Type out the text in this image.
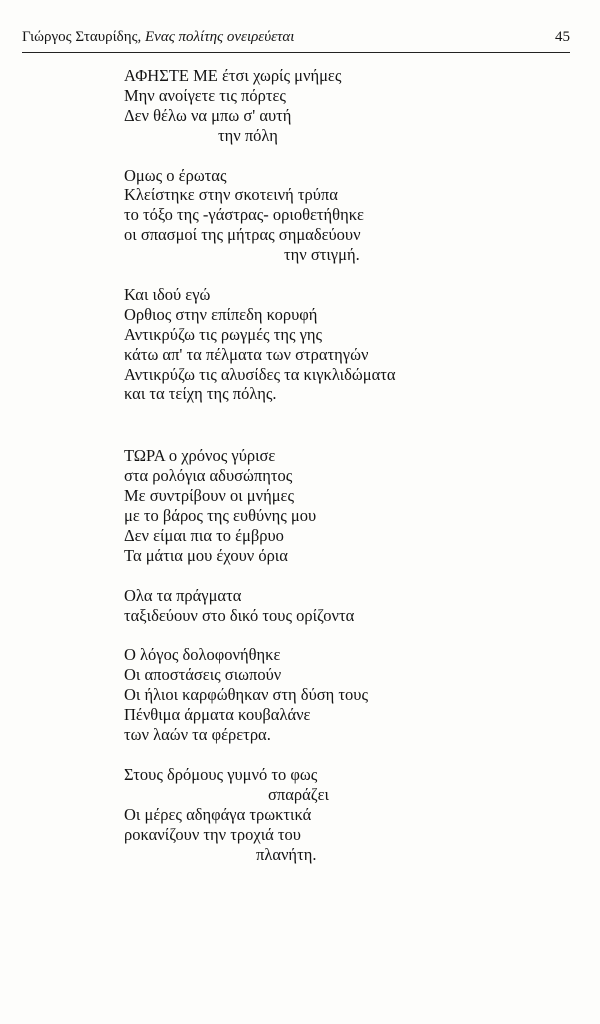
Γιώργος Σταυρίδης, Ενας πολίτης ονειρεύεται	45
ΑΦΗΣΤΕ ΜΕ έτσι χωρίς μνήμες
Μην ανοίγετε τις πόρτες
Δεν θέλω να μπω σ' αυτή
την πόλη
Ομως ο έρωτας
Κλείστηκε στην σκοτεινή τρύπα
το τόξο της -γάστρας- οριοθετήθηκε
οι σπασμοί της μήτρας σημαδεύουν
την στιγμή.
Και ιδού εγώ
Ορθιος στην επίπεδη κορυφή
Αντικρύζω τις ρωγμές της γης
κάτω απ' τα πέλματα των στρατηγών
Αντικρύζω τις αλυσίδες τα κιγκλιδώματα
και τα τείχη της πόλης.
ΤΩΡΑ ο χρόνος γύρισε
στα ρολόγια αδυσώπητος
Με συντρίβουν οι μνήμες
με το βάρος της ευθύνης μου
Δεν είμαι πια το έμβρυο
Τα μάτια μου έχουν όρια
Ολα τα πράγματα
ταξιδεύουν στο δικό τους ορίζοντα
Ο λόγος δολοφονήθηκε
Οι αποστάσεις σιωπούν
Οι ήλιοι καρφώθηκαν στη δύση τους
Πένθιμα άρματα κουβαλάνε
των λαών τα φέρετρα.
Στους δρόμους γυμνό το φως
σπαράζει
Οι μέρες αδηφάγα τρωκτικά
ροκανίζουν την τροχιά του
πλανήτη.
